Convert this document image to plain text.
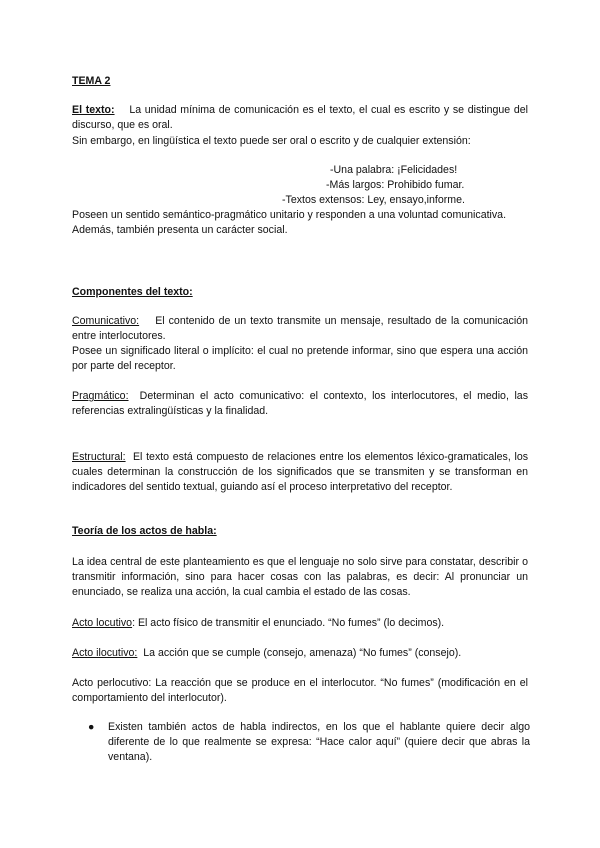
TEMA 2
El texto: La unidad mínima de comunicación es el texto, el cual es escrito y se distingue del discurso, que es oral.
Sin embargo, en lingüística el texto puede ser oral o escrito y de cualquier extensión:
-Una palabra: ¡Felicidades!
-Más largos: Prohibido fumar.
-Textos extensos: Ley, ensayo,informe.
Poseen un sentido semántico-pragmático unitario y responden a una voluntad comunicativa.
Además, también presenta un carácter social.
Componentes del texto:
Comunicativo: El contenido de un texto transmite un mensaje, resultado de la comunicación entre interlocutores.
Posee un significado literal o implícito: el cual no pretende informar, sino que espera una acción por parte del receptor.
Pragmático: Determinan el acto comunicativo: el contexto, los interlocutores, el medio, las referencias extralingüísticas y la finalidad.
Estructural: El texto está compuesto de relaciones entre los elementos léxico-gramaticales, los cuales determinan la construcción de los significados que se transmiten y se transforman en indicadores del sentido textual, guiando así el proceso interpretativo del receptor.
Teoría de los actos de habla:
La idea central de este planteamiento es que el lenguaje no solo sirve para constatar, describir o transmitir información, sino para hacer cosas con las palabras, es decir: Al pronunciar un enunciado, se realiza una acción, la cual cambia el estado de las cosas.
Acto locutivo: El acto físico de transmitir el enunciado. “No fumes” (lo decimos).
Acto ilocutivo: La acción que se cumple (consejo, amenaza) “No fumes” (consejo).
Acto perlocutivo: La reacción que se produce en el interlocutor. “No fumes” (modificación en el comportamiento del interlocutor).
● Existen también actos de habla indirectos, en los que el hablante quiere decir algo diferente de lo que realmente se expresa: “Hace calor aquí” (quiere decir que abras la ventana).
